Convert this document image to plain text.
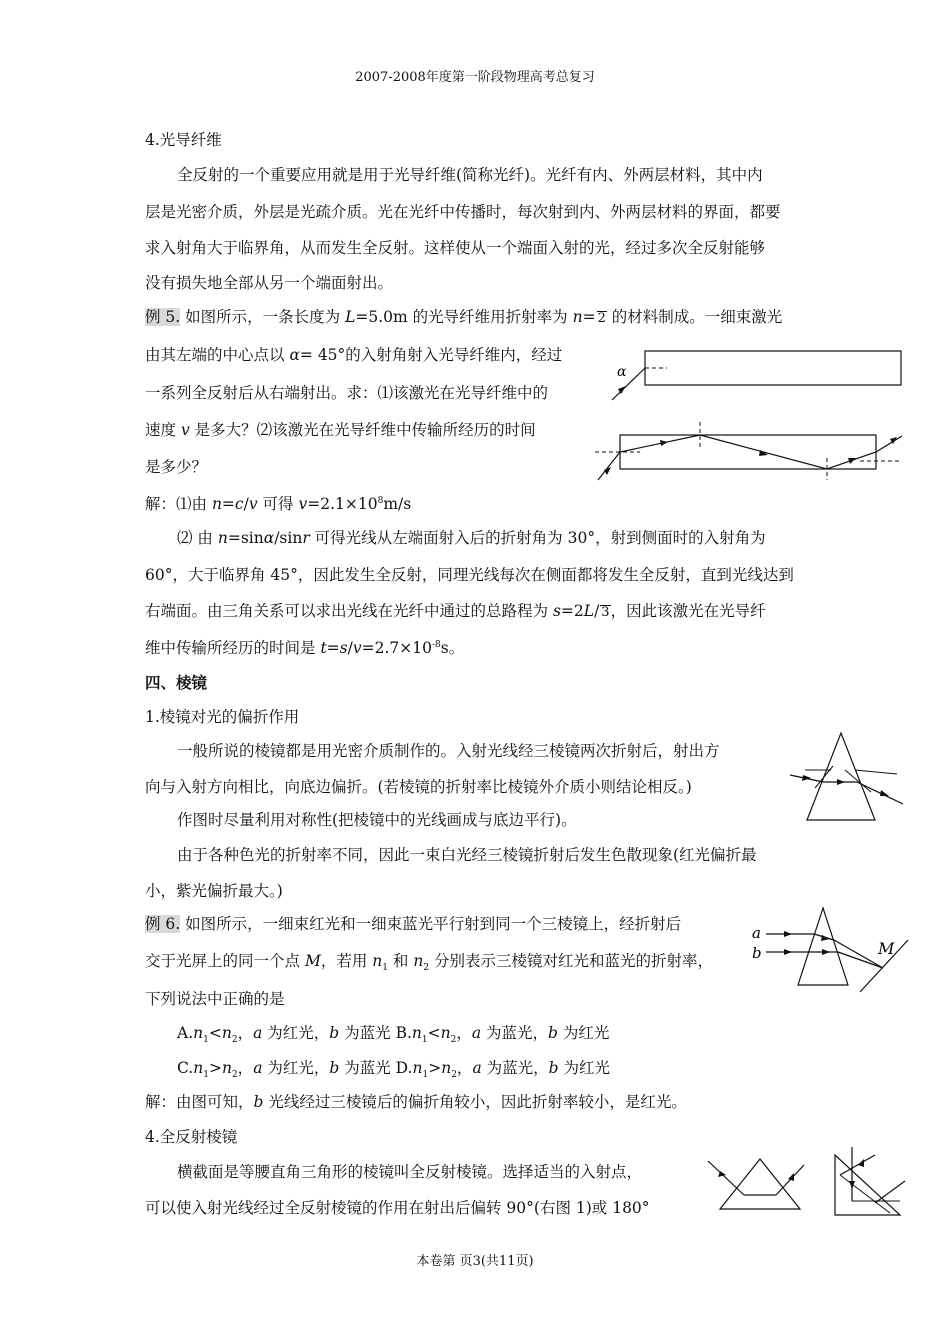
2007-2008年度第一阶段物理高考总复习
4.光导纤维
全反射的一个重要应用就是用于光导纤维(简称光纤)。光纤有内、外两层材料，其中内
层是光密介质，外层是光疏介质。光在光纤中传播时，每次射到内、外两层材料的界面，都要
求入射角大于临界角，从而发生全反射。这样使从一个端面入射的光，经过多次全反射能够
没有损失地全部从另一个端面射出。
例 5. 如图所示，一条长度为 L=5.0m 的光导纤维用折射率为 n= 2 的材料制成。一细束激光
由其左端的中心点以 α= 45°的入射角射入光导纤维内，经过
一系列全反射后从右端射出。求：⑴该激光在光导纤维中的
速度 v 是多大？⑵该激光在光导纤维中传输所经历的时间
是多少？
α
解：⑴由 n=c/v 可得 $v=2.1\times 10^8m/s$
⑵ 由 n=sinα/sinr 可得光线从左端面射入后的折射角为 30°，射到侧面时的入射角为
60°，大于临界角 45°，因此发生全反射，同理光线每次在侧面都将发生全反射，直到光线达到
右端面。由三角关系可以求出光线在光纤中通过的总路程为 s=2L/ 3，因此该激光在光导纤
维中传输所经历的时间是 $t=s/v=2.7\times 10^{-8}s$。
四、棱镜
1.棱镜对光的偏折作用
一般所说的棱镜都是用光密介质制作的。入射光线经三棱镜两次折射后，射出方
向与入射方向相比，向底边偏折。(若棱镜的折射率比棱镜外介质小则结论相反。)
作图时尽量利用对称性(把棱镜中的光线画成与底边平行)。
由于各种色光的折射率不同，因此一束白光经三棱镜折射后发生色散现象(红光偏折最
小，紫光偏折最大。)
例 6. 如图所示，一细束红光和一细束蓝光平行射到同一个三棱镜上，经折射后
交于光屏上的同一个点 M，若用 $n_1$ 和 $n_2$ 分别表示三棱镜对红光和蓝光的折射率，
下列说法中正确的是
$A.n_1<n_2$，a 为红光，b 为蓝光 $B.n_1<n_2$，a 为蓝光，b 为红光
$C.n_1>n_2$，a 为红光，b 为蓝光 $D.n_1>n_2$，a 为蓝光，b 为红光
解：由图可知，b 光线经过三棱镜后的偏折角较小，因此折射率较小，是红光。
a
b	M
4.全反射棱镜
横截面是等腰直角三角形的棱镜叫全反射棱镜。选择适当的入射点，
可以使入射光线经过全反射棱镜的作用在射出后偏转 90°(右图 1)或 180°
本卷第 页3(共11页)
